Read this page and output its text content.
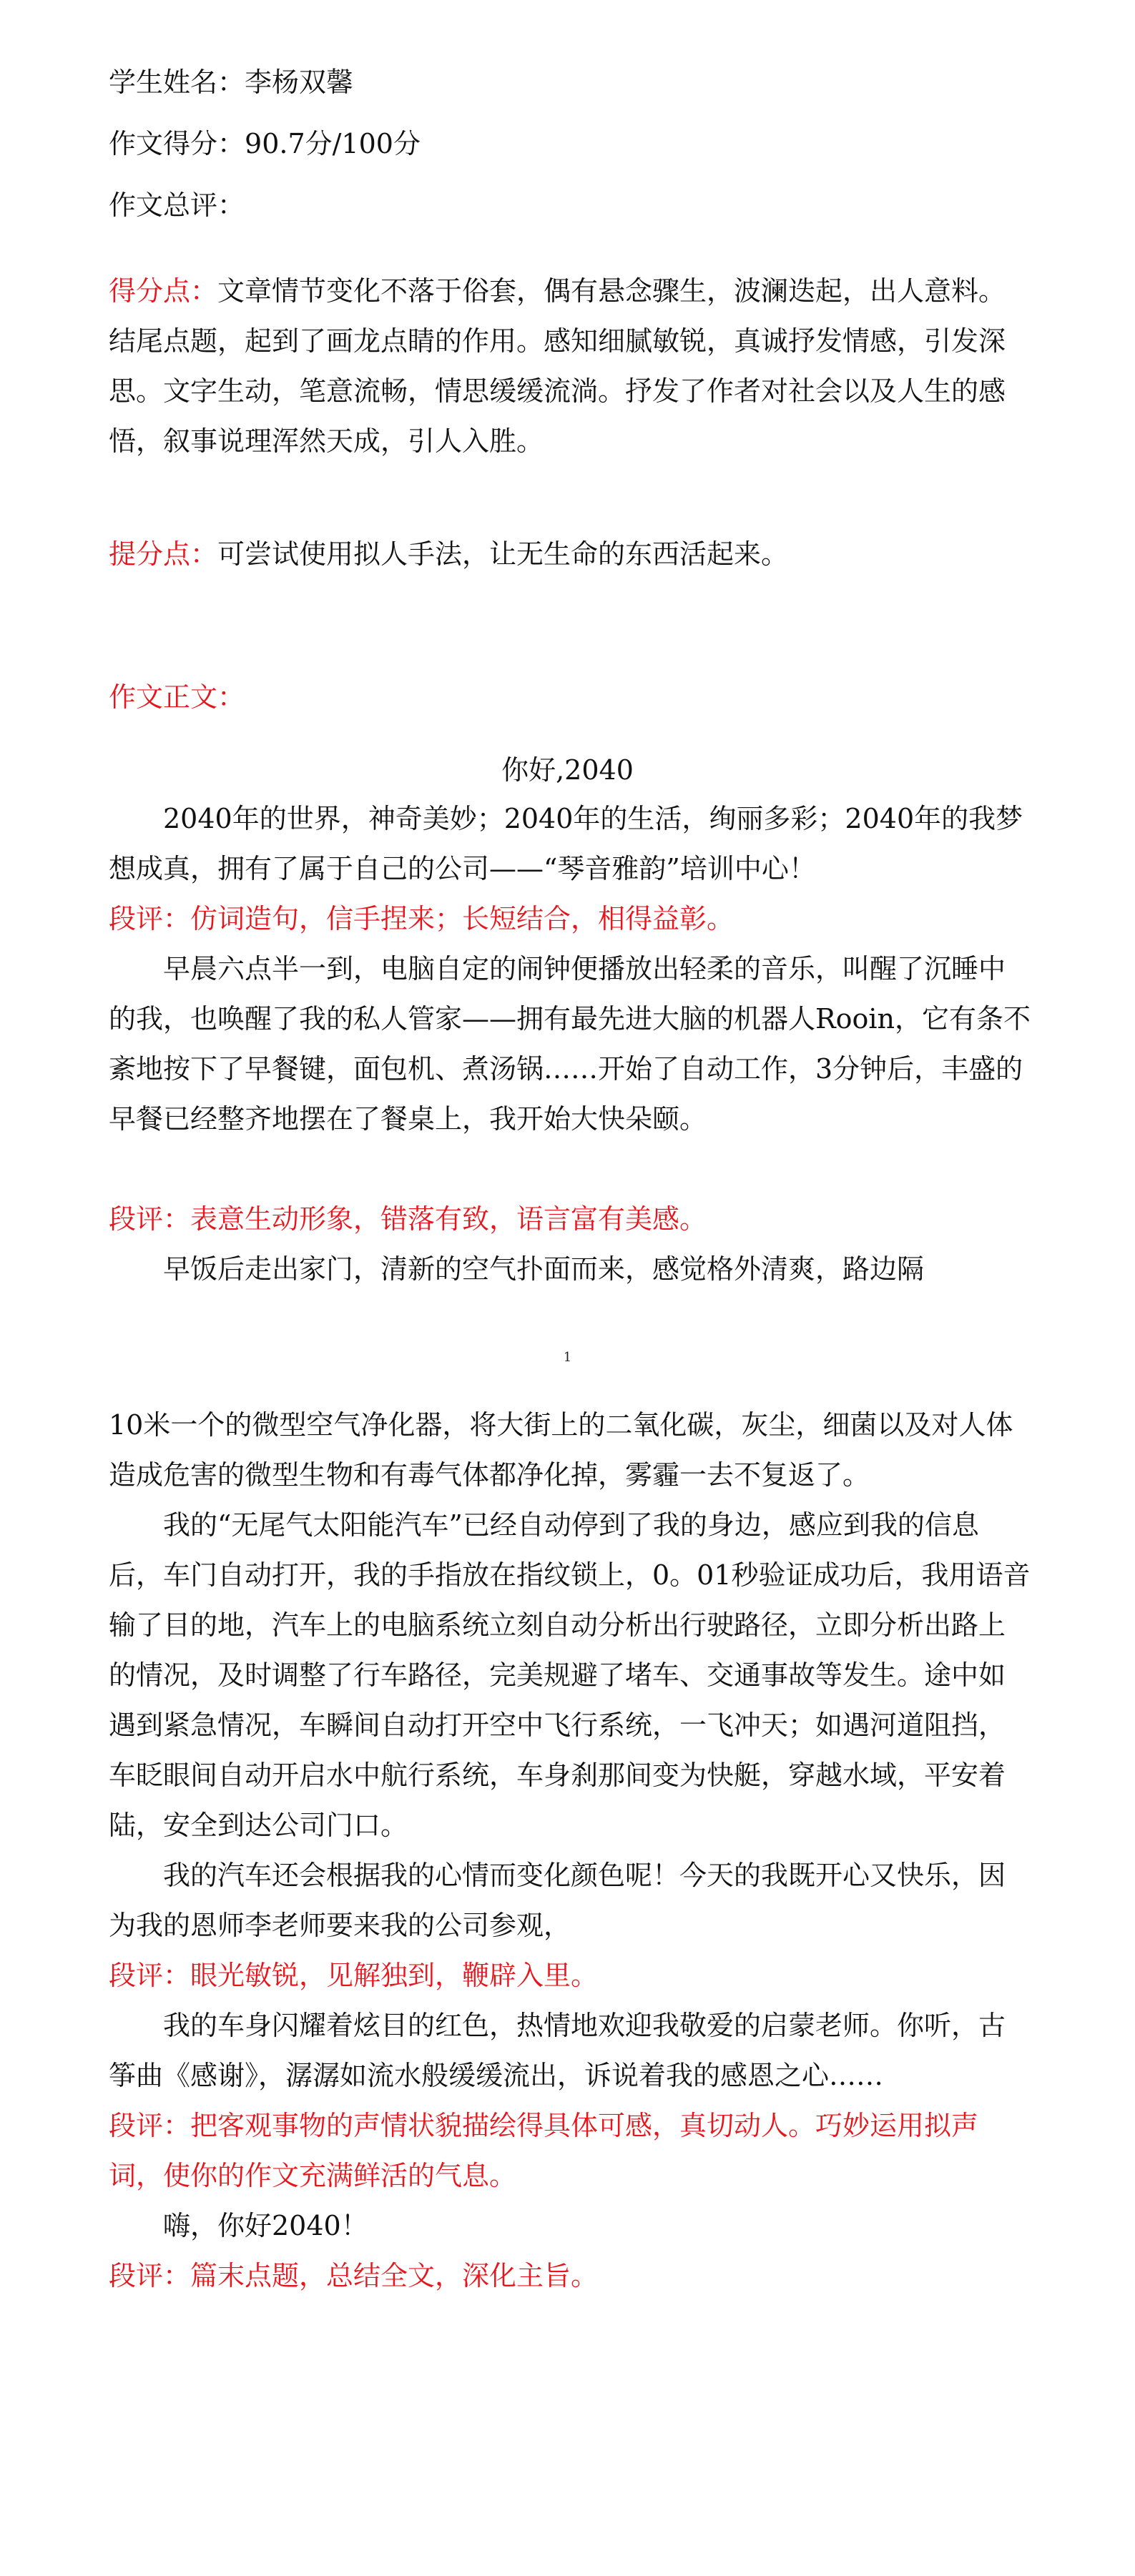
学生姓名：李杨双馨
作文得分：90.7分/100分
作文总评：
得分点：文章情节变化不落于俗套，偶有悬念骤生，波澜迭起，出人意料。结尾点题，起到了画龙点睛的作用。感知细腻敏锐，真诚抒发情感，引发深思。文字生动，笔意流畅，情思缓缓流淌。抒发了作者对社会以及人生的感悟，叙事说理浑然天成，引人入胜。
提分点：可尝试使用拟人手法，让无生命的东西活起来。
作文正文：
你好,2040
2040年的世界，神奇美妙；2040年的生活，绚丽多彩；2040年的我梦想成真，拥有了属于自己的公司——“琴音雅韵”培训中心！
段评：仿词造句，信手捏来；长短结合，相得益彰。
早晨六点半一到，电脑自定的闹钟便播放出轻柔的音乐，叫醒了沉睡中的我，也唤醒了我的私人管家——拥有最先进大脑的机器人Rooin，它有条不紊地按下了早餐键，面包机、煮汤锅……开始了自动工作，3分钟后，丰盛的早餐已经整齐地摆在了餐桌上，我开始大快朵颐。
段评：表意生动形象，错落有致，语言富有美感。
早饭后走出家门，清新的空气扑面而来，感觉格外清爽，路边隔
1
10米一个的微型空气净化器，将大街上的二氧化碳，灰尘，细菌以及对人体造成危害的微型生物和有毒气体都净化掉，雾霾一去不复返了。
我的“无尾气太阳能汽车”已经自动停到了我的身边，感应到我的信息后，车门自动打开，我的手指放在指纹锁上，0。01秒验证成功后，我用语音输了目的地，汽车上的电脑系统立刻自动分析出行驶路径，立即分析出路上的情况，及时调整了行车路径，完美规避了堵车、交通事故等发生。途中如遇到紧急情况，车瞬间自动打开空中飞行系统，一飞冲天；如遇河道阻挡，车眨眼间自动开启水中航行系统，车身刹那间变为快艇，穿越水域，平安着陆，安全到达公司门口。
我的汽车还会根据我的心情而变化颜色呢！今天的我既开心又快乐，因为我的恩师李老师要来我的公司参观，
段评：眼光敏锐，见解独到，鞭辟入里。
我的车身闪耀着炫目的红色，热情地欢迎我敬爱的启蒙老师。你听，古筝曲《感谢》，潺潺如流水般缓缓流出，诉说着我的感恩之心……
段评：把客观事物的声情状貌描绘得具体可感，真切动人。巧妙运用拟声词，使你的作文充满鲜活的气息。
嗨，你好2040！
段评：篇末点题，总结全文，深化主旨。
